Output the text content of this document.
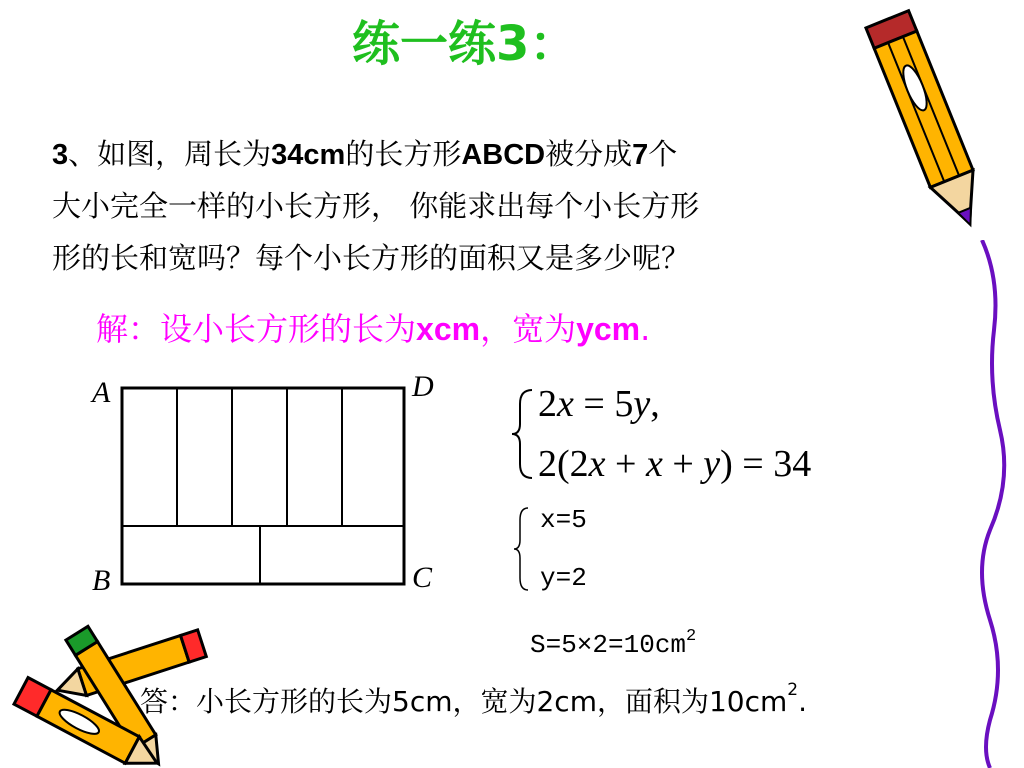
练一练3：
3、如图，周长为34cm的长方形ABCD被分成7个
大小完全一样的小长方形， 你能求出每个小长方形
形的长和宽吗？每个小长方形的面积又是多少呢？
解：设小长方形的长为xcm，宽为ycm.
A	D
B	C
2x = 5y,
2(2x + x + y) = 34
x=5
y=2
$S=5\times 2=10cm^2$
答：小长方形的长为5cm，宽为2cm，面积为$10cm^2$.
